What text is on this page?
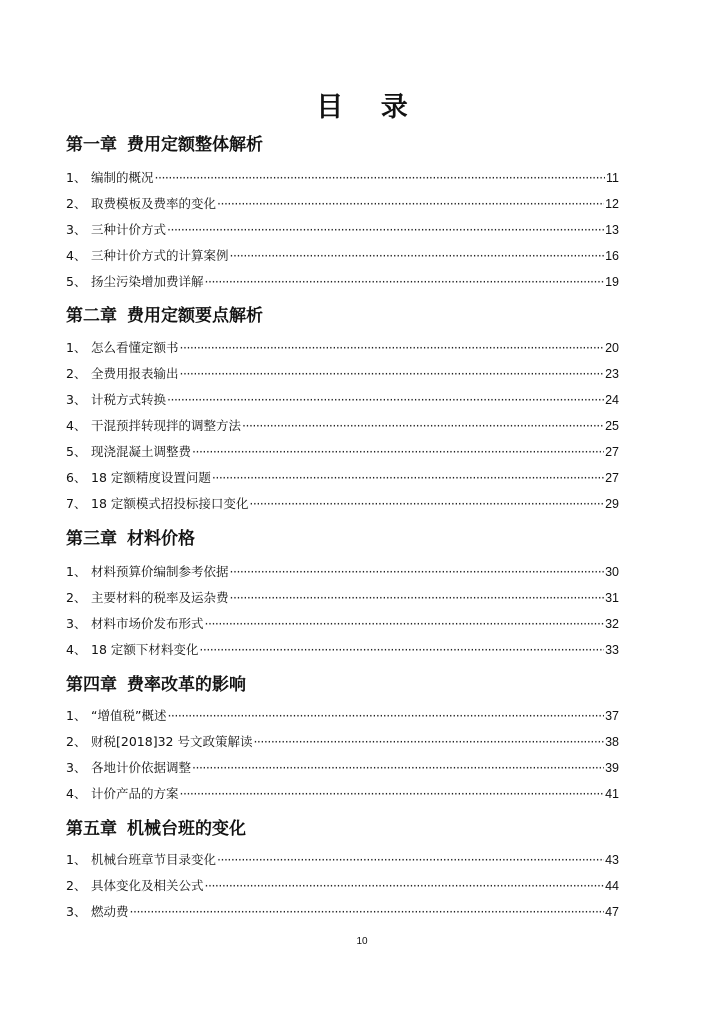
目 录
第一章 费用定额整体解析
1、 编制的概况 ·····	11
2、 取费模板及费率的变化 ·····	12
3、 三种计价方式 ·····	13
4、 三种计价方式的计算案例 ·····	16
5、 扬尘污染增加费详解 ·····	19
第二章 费用定额要点解析
1、 怎么看懂定额书 ·····	20
2、 全费用报表输出 ·····	23
3、 计税方式转换 ·····	24
4、 干混预拌转现拌的调整方法 ·····	25
5、 现浇混凝土调整费 ·····	27
6、 18 定额精度设置问题 ·····	27
7、 18 定额模式招投标接口变化 ·····	29
第三章 材料价格
1、 材料预算价编制参考依据 ·····	30
2、 主要材料的税率及运杂费 ·····	31
3、 材料市场价发布形式 ·····	32
4、 18 定额下材料变化 ·····	33
第四章 费率改革的影响
1、 “增值税”概述 ·····	37
2、 财税[2018]32 号文政策解读 ·····	38
3、 各地计价依据调整 ·····	39
4、 计价产品的方案 ·····	41
第五章 机械台班的变化
1、 机械台班章节目录变化 ·····	43
2、 具体变化及相关公式 ·····	44
3、 燃动费 ·····	47
10
